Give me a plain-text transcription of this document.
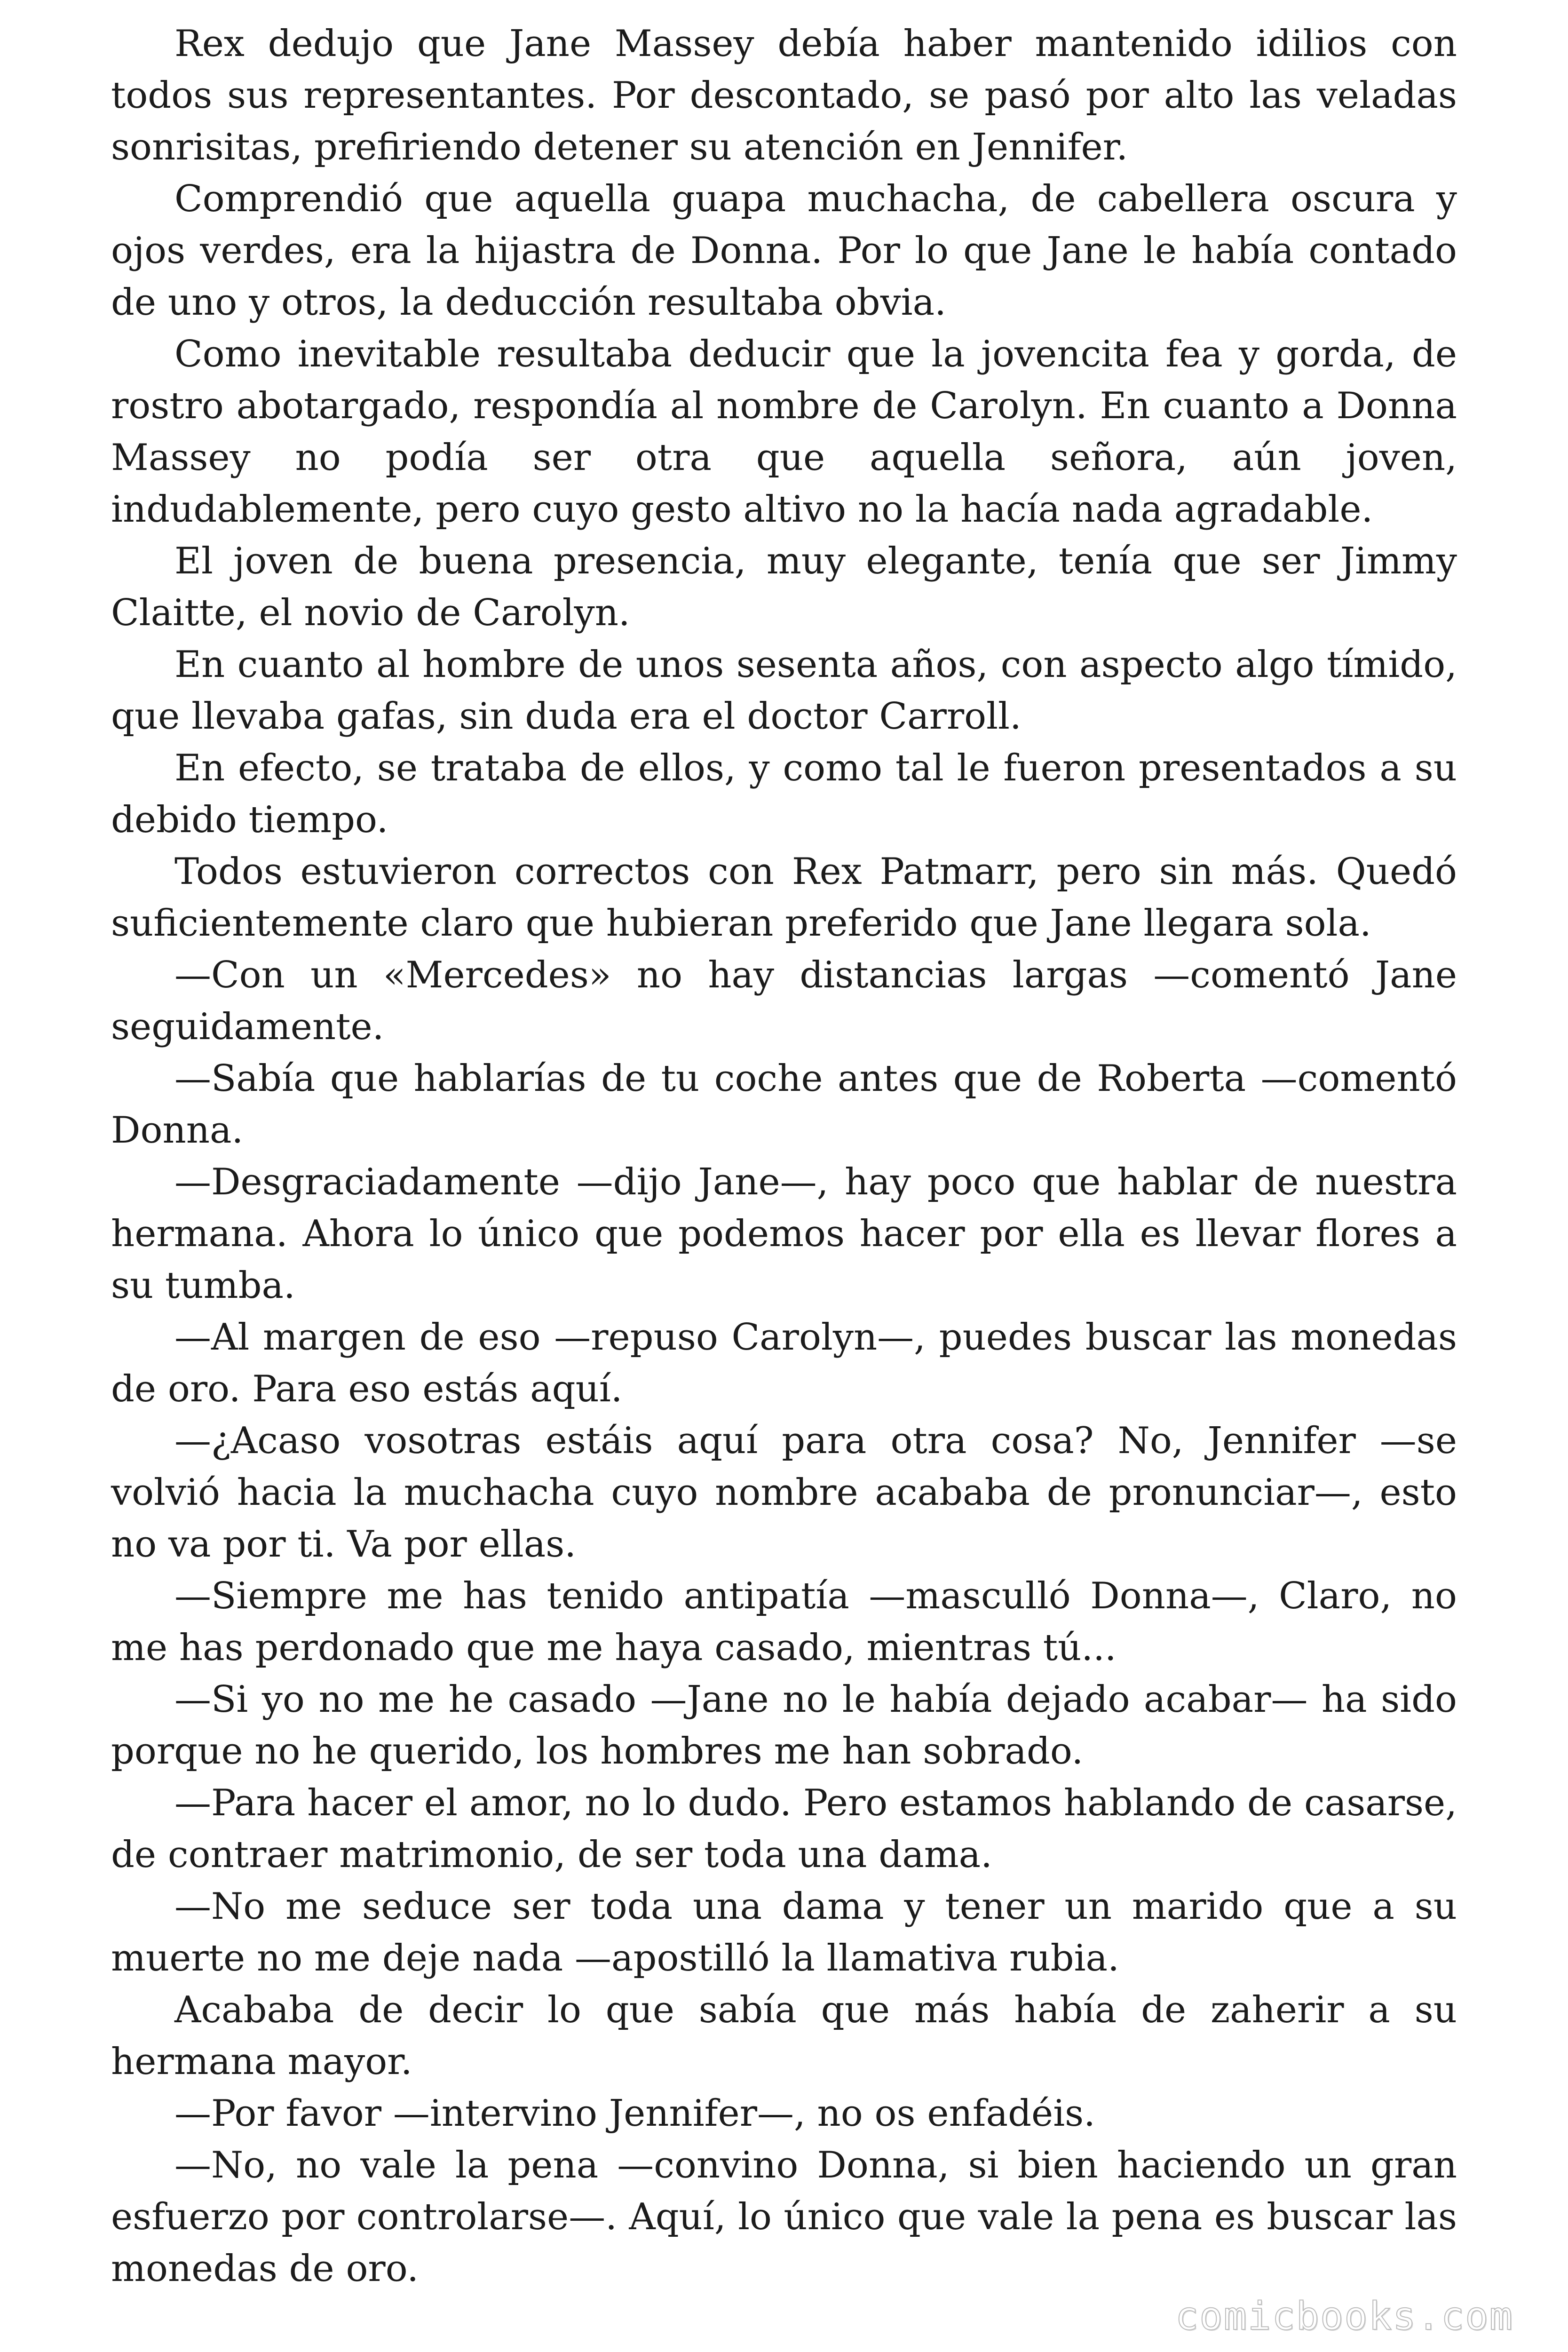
Rex dedujo que Jane Massey debía haber mantenido idilios con todos sus representantes. Por descontado, se pasó por alto las veladas sonrisitas, prefiriendo detener su atención en Jennifer.

Comprendió que aquella guapa muchacha, de cabellera oscura y ojos verdes, era la hijastra de Donna. Por lo que Jane le había contado de uno y otros, la deducción resultaba obvia.

Como inevitable resultaba deducir que la jovencita fea y gorda, de rostro abotargado, respondía al nombre de Carolyn. En cuanto a Donna Massey no podía ser otra que aquella señora, aún joven, indudablemente, pero cuyo gesto altivo no la hacía nada agradable.

El joven de buena presencia, muy elegante, tenía que ser Jimmy Claitte, el novio de Carolyn.

En cuanto al hombre de unos sesenta años, con aspecto algo tímido, que llevaba gafas, sin duda era el doctor Carroll.

En efecto, se trataba de ellos, y como tal le fueron presentados a su debido tiempo.

Todos estuvieron correctos con Rex Patmarr, pero sin más. Quedó suficientemente claro que hubieran preferido que Jane llegara sola.

—Con un «Mercedes» no hay distancias largas —comentó Jane seguidamente.

—Sabía que hablarías de tu coche antes que de Roberta —comentó Donna.

—Desgraciadamente —dijo Jane—, hay poco que hablar de nuestra hermana. Ahora lo único que podemos hacer por ella es llevar flores a su tumba.

—Al margen de eso —repuso Carolyn—, puedes buscar las monedas de oro. Para eso estás aquí.

—¿Acaso vosotras estáis aquí para otra cosa? No, Jennifer —se volvió hacia la muchacha cuyo nombre acababa de pronunciar—, esto no va por ti. Va por ellas.

—Siempre me has tenido antipatía —masculló Donna—, Claro, no me has perdonado que me haya casado, mientras tú...

—Si yo no me he casado —Jane no le había dejado acabar— ha sido porque no he querido, los hombres me han sobrado.

—Para hacer el amor, no lo dudo. Pero estamos hablando de casarse, de contraer matrimonio, de ser toda una dama.

—No me seduce ser toda una dama y tener un marido que a su muerte no me deje nada —apostilló la llamativa rubia.

Acababa de decir lo que sabía que más había de zaherir a su hermana mayor.

—Por favor —intervino Jennifer—, no os enfadéis.

—No, no vale la pena —convino Donna, si bien haciendo un gran esfuerzo por controlarse—. Aquí, lo único que vale la pena es buscar las monedas de oro.

comicbooks.com
